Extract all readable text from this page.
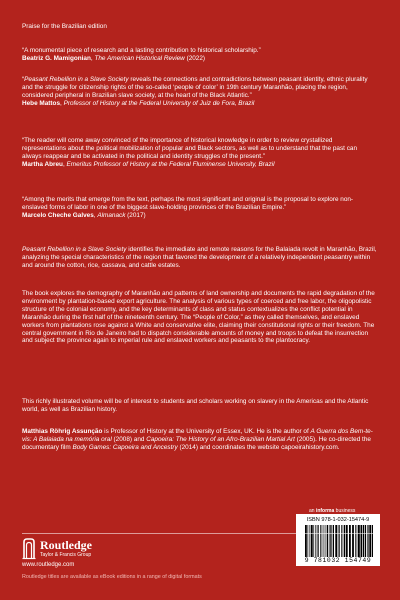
Praise for the Brazilian edition
“A monumental piece of research and a lasting contribution to historical scholarship.”
Beatriz G. Mamigonian, The American Historical Review (2022)
“Peasant Rebellion in a Slave Society reveals the connections and contradictions between peasant identity, ethnic plurality and the struggle for citizenship rights of the so-called ‘people of color’ in 19th century Maranhão, placing the region, considered peripheral in Brazilian slave society, at the heart of the Black Atlantic.”
Hebe Mattos, Professor of History at the Federal University of Juiz de Fora, Brazil
“The reader will come away convinced of the importance of historical knowledge in order to review crystallized representations about the political mobilization of popular and Black sectors, as well as to understand that the past can always reappear and be activated in the political and identity struggles of the present.”
Martha Abreu, Emeritus Professor of History at the Federal Fluminense University, Brazil
“Among the merits that emerge from the text, perhaps the most significant and original is the proposal to explore non-enslaved forms of labor in one of the biggest slave-holding provinces of the Brazilian Empire.”
Marcelo Cheche Galves, Almanack (2017)
Peasant Rebellion in a Slave Society identifies the immediate and remote reasons for the Balaiada revolt in Maranhão, Brazil, analyzing the special characteristics of the region that favored the development of a relatively independent peasantry within and around the cotton, rice, cassava, and cattle estates.
The book explores the demography of Maranhão and patterns of land ownership and documents the rapid degradation of the environment by plantation-based export agriculture. The analysis of various types of coerced and free labor, the oligopolistic structure of the colonial economy, and the key determinants of class and status contextualizes the conflict potential in Maranhão during the first half of the nineteenth century. The “People of Color,” as they called themselves, and enslaved workers from plantations rose against a White and conservative elite, claiming their constitutional rights or their freedom. The central government in Rio de Janeiro had to dispatch considerable amounts of money and troops to defeat the insurrection and subject the province again to imperial rule and enslaved workers and peasants to the plantocracy.
This richly illustrated volume will be of interest to students and scholars working on slavery in the Americas and the Atlantic world, as well as Brazilian history.
Matthias Röhrig Assunção is Professor of History at the University of Essex, UK. He is the author of A Guerra dos Bem-te-vis: A Balaiada na memória oral (2008) and Capoeira: The History of an Afro-Brazilian Martial Art (2005). He co-directed the documentary film Body Games: Capoeira and Ancestry (2014) and coordinates the website capoeirahistory.com.
an informa business
ISBN 978-1-032-15474-9
9 781032 154749
Routledge
Taylor & Francis Group
www.routledge.com
Routledge titles are available as eBook editions in a range of digital formats
